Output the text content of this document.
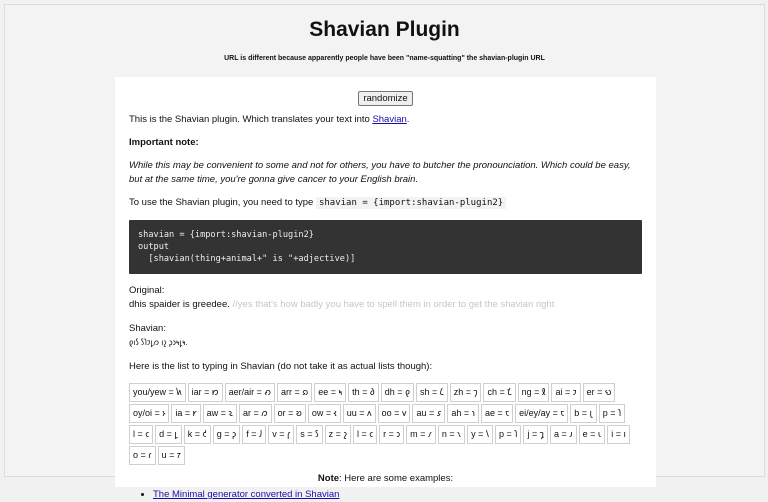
Shavian Plugin
URL is different because apparently people have been "name-squatting" the shavian-plugin URL
randomize

This is the Shavian plugin. Which translates your text into Shavian.

Important note:

While this may be convenient to some and not for others, you have to butcher the pronounciation. Which could be easy, but at the same time, you're gonna give cancer to your English brain.

To use the Shavian plugin, you need to type shavian = {import:shavian-plugin2}

shavian = {import:shavian-plugin2}
output
[shavian(thing+animal+" is "+adjective)]

Original:

dhis spaider is greedee. //yes that's how badly you have to spell them in order to get the shavian right

Shavian:

𐑞𐑦𐑕 𐑕𐑐𐑲𐑛𐑼 𐑦𐑟 𐑜𐑮𐑰𐑛𐑰.

Here is the list to typing in Shavian (do not take it as actual lists though):

you/yew = 𐑿	iar = 𐑽	aer/air = 𐑺	arr = 𐑸	ee = 𐑰	th = 𐑔	dh = 𐑞	sh = 𐑖	zh = 𐑠	ch = 𐑗	ng = 𐑙	ai = 𐑲	er = 𐑻
oy/oi = 𐑶	ia = 𐑾	aw = 𐑷	ar = 𐑼	or = 𐑹	ow = 𐑬	uu = 𐑵	oo = 𐑫	au = 𐑭	ah = 𐑪	ae = 𐑱	ei/ey/ay = 𐑱	b = 𐑚	p = 𐑐
l = 𐑤	d = 𐑛	k = 𐑒	g = 𐑜	f = 𐑓	v = 𐑝	s = 𐑕	z = 𐑟	l = 𐑤	r = 𐑮	m = 𐑥	n = 𐑯	y = 𐑘	p = 𐑐	j = 𐑡	a = 𐑨	e = 𐑧	i = 𐑦
o = 𐑩	u = 𐑳

Note: Here are some examples:

• The Minimal generator converted in Shavian
